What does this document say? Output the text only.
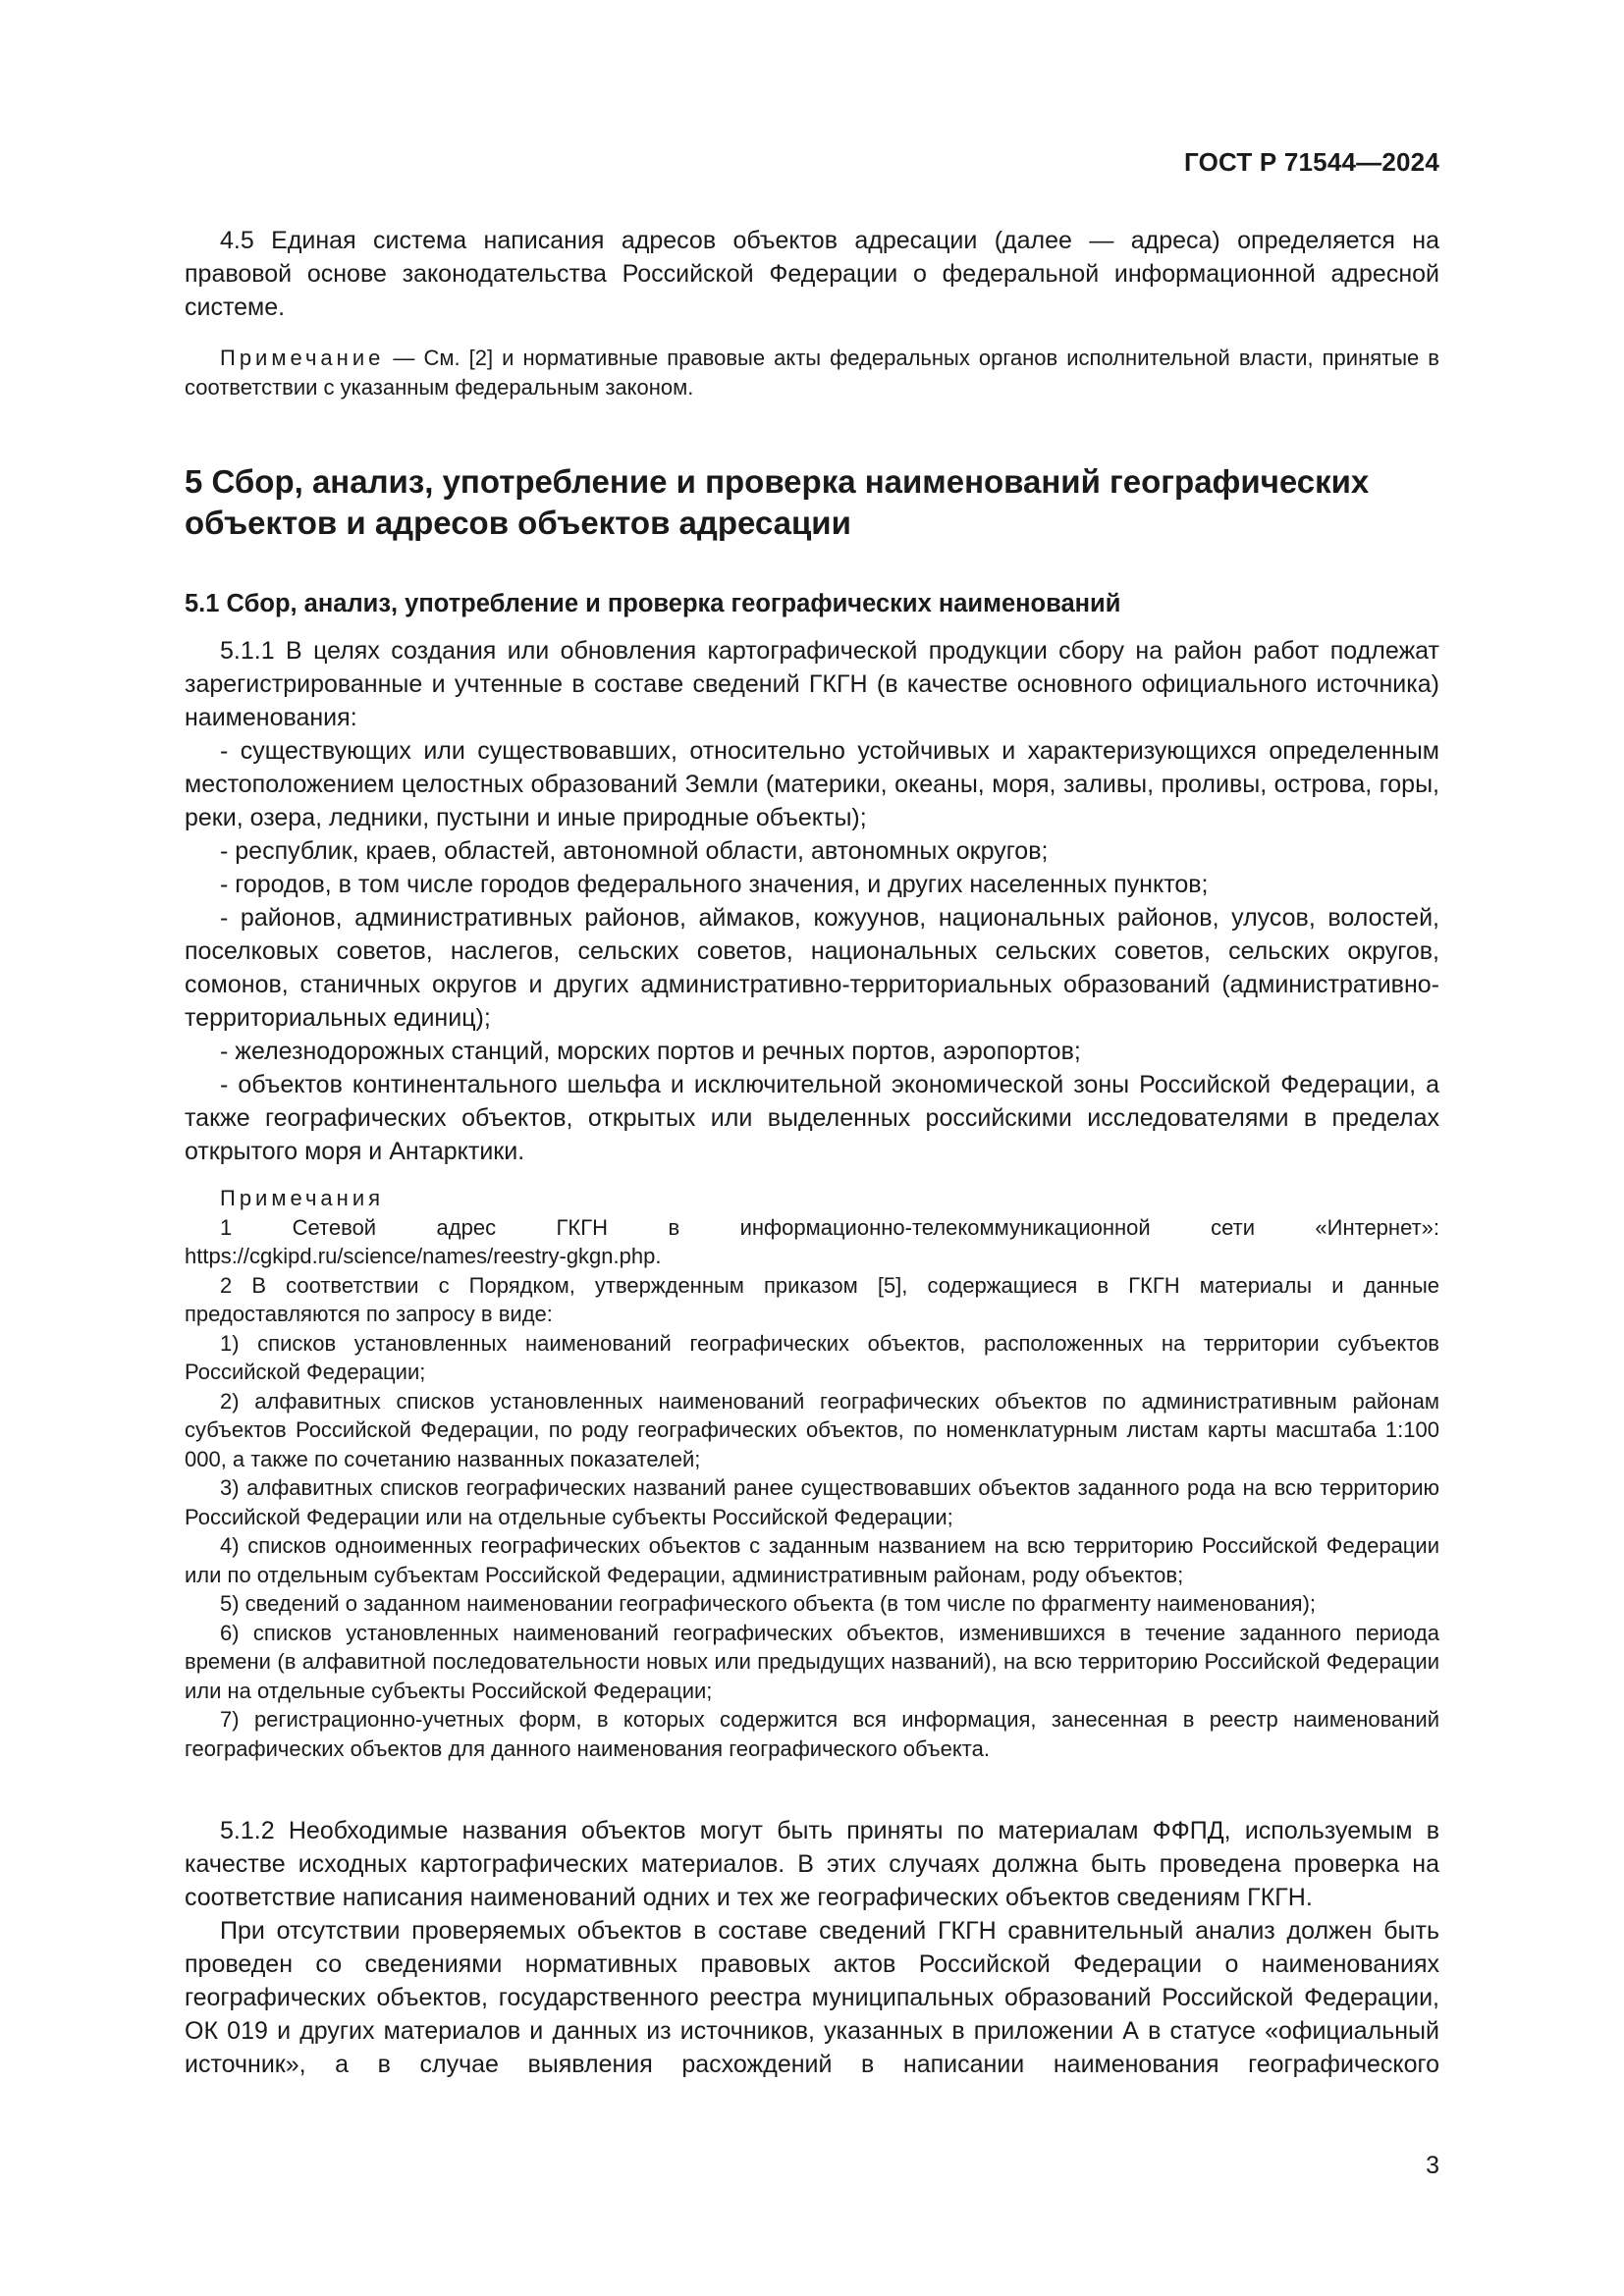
ГОСТ Р 71544—2024

4.5 Единая система написания адресов объектов адресации (далее — адреса) определяется на правовой основе законодательства Российской Федерации о федеральной информационной адресной системе.

Примечание — См. [2] и нормативные правовые акты федеральных органов исполнительной власти, принятые в соответствии с указанным федеральным законом.

5 Сбор, анализ, употребление и проверка наименований географических объектов и адресов объектов адресации
5.1 Сбор, анализ, употребление и проверка географических наименований

5.1.1 В целях создания или обновления картографической продукции сбору на район работ подлежат зарегистрированные и учтенные в составе сведений ГКГН (в качестве основного официального источника) наименования:

- существующих или существовавших, относительно устойчивых и характеризующихся определенным местоположением целостных образований Земли (материки, океаны, моря, заливы, проливы, острова, горы, реки, озера, ледники, пустыни и иные природные объекты);

- республик, краев, областей, автономной области, автономных округов;

- городов, в том числе городов федерального значения, и других населенных пунктов;

- районов, административных районов, аймаков, кожуунов, национальных районов, улусов, волостей, поселковых советов, наслегов, сельских советов, национальных сельских советов, сельских округов, сомонов, станичных округов и других административно-территориальных образований (административно-территориальных единиц);

- железнодорожных станций, морских портов и речных портов, аэропортов;

- объектов континентального шельфа и исключительной экономической зоны Российской Федерации, а также географических объектов, открытых или выделенных российскими исследователями в пределах открытого моря и Антарктики.

Примечания

1 Сетевой адрес ГКГН в информационно-телекоммуникационной сети «Интернет»: https://cgkipd.ru/science/names/reestry-gkgn.php.

2 В соответствии с Порядком, утвержденным приказом [5], содержащиеся в ГКГН материалы и данные предоставляются по запросу в виде:

1) списков установленных наименований географических объектов, расположенных на территории субъектов Российской Федерации;

2) алфавитных списков установленных наименований географических объектов по административным районам субъектов Российской Федерации, по роду географических объектов, по номенклатурным листам карты масштаба 1:100 000, а также по сочетанию названных показателей;

3) алфавитных списков географических названий ранее существовавших объектов заданного рода на всю территорию Российской Федерации или на отдельные субъекты Российской Федерации;

4) списков одноименных географических объектов с заданным названием на всю территорию Российской Федерации или по отдельным субъектам Российской Федерации, административным районам, роду объектов;

5) сведений о заданном наименовании географического объекта (в том числе по фрагменту наименования);

6) списков установленных наименований географических объектов, изменившихся в течение заданного периода времени (в алфавитной последовательности новых или предыдущих названий), на всю территорию Российской Федерации или на отдельные субъекты Российской Федерации;

7) регистрационно-учетных форм, в которых содержится вся информация, занесенная в реестр наименований географических объектов для данного наименования географического объекта.

5.1.2 Необходимые названия объектов могут быть приняты по материалам ФФПД, используемым в качестве исходных картографических материалов. В этих случаях должна быть проведена проверка на соответствие написания наименований одних и тех же географических объектов сведениям ГКГН.

При отсутствии проверяемых объектов в составе сведений ГКГН сравнительный анализ должен быть проведен со сведениями нормативных правовых актов Российской Федерации о наименованиях географических объектов, государственного реестра муниципальных образований Российской Федерации, ОК 019 и других материалов и данных из источников, указанных в приложении А в статусе «официальный источник», а в случае выявления расхождений в написании наименования географического

3
